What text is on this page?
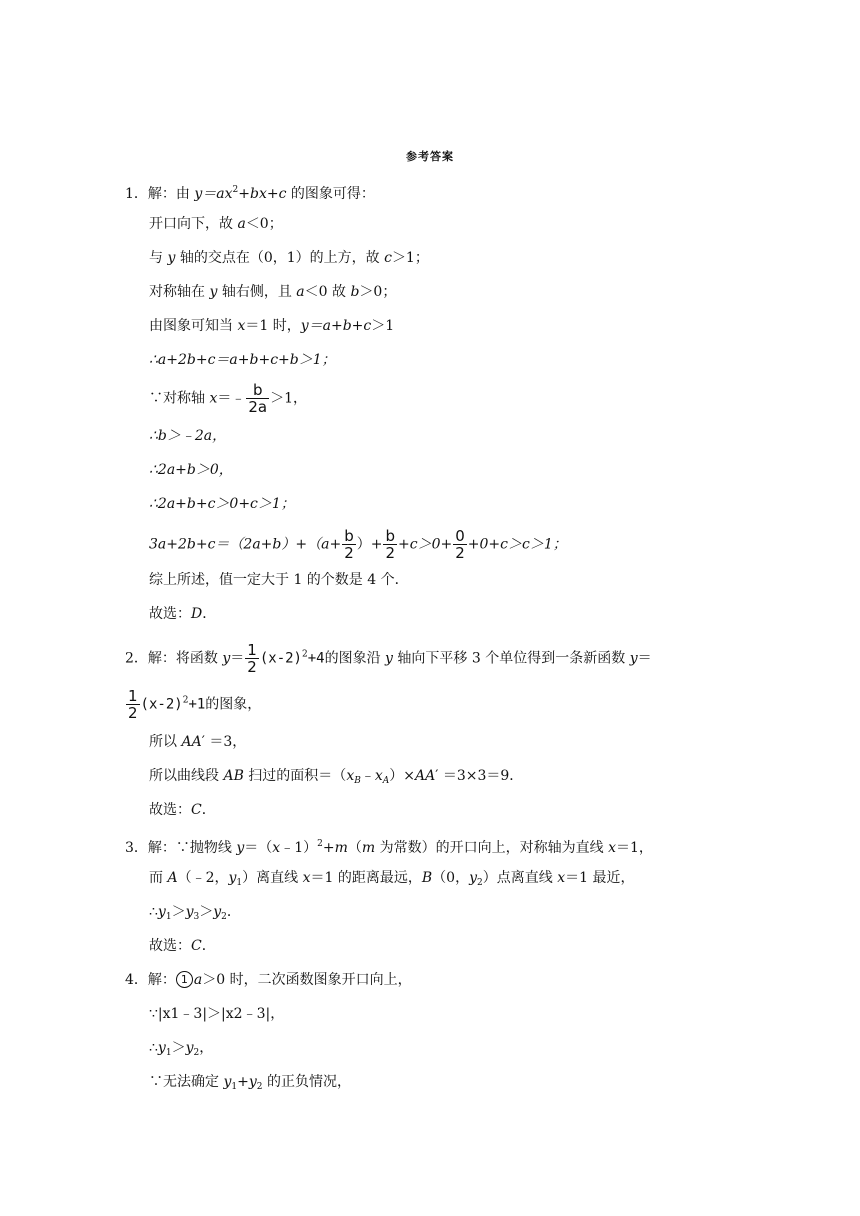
参考答案
1．解：由 $y=ax^2+bx+c$ 的图象可得：
开口向下，故 a＜0；
与 y 轴的交点在（0，1）的上方，故 c＞1；
对称轴在 y 轴右侧，且 a＜0 故 b＞0；
由图象可知当 x＝1 时，y＝a+b+c＞1
∴a+2b+c＝a+b+c+b＞1；
∵对称轴 x＝﹣ $\frac{b}{2a} >1$，
∴b＞﹣2a，
∴2a+b＞0，
∴2a+b+c＞0+c＞1；
$3a+2b+c=(2a+b)+(a+ \frac{b}{2}$ ）+ $\frac{b}{2} +c>0+ \frac{0}{2} +0+c>c>1$；
综上所述，值一定大于 1 的个数是 4 个．
故选：D．
2．解：将函数 $y= \frac{1}{2} (x-2)^2+4$的图象沿 y 轴向下平移 3 个单位得到一条新函数 y＝
$\frac{1}{2} (x-2)^2+1$的图象，
所以 AA′ ＝3，
所以曲线段 AB 扫过的面积$=(x_B﹣x_A)\times AA' =3\times 3=9$．
故选：C．
3．解：∵抛物线 y＝（x﹣1）$^2$+m（m 为常数）的开口向上，对称轴为直线 x＝1，
而 A（﹣2，$y_1$）离直线 x＝1 的距离最远，B（0，$y_2$）点离直线 x＝1 最近，
$\therefore y_1>y_3>y_2$．
故选：C．
4．解： 1 a＞0 时，二次函数图象开口向上，
∵|x1﹣3|＞|x2﹣3|，
$\therefore y_1>y_2$，
∵无法确定 $y_1+y_2$ 的正负情况，
